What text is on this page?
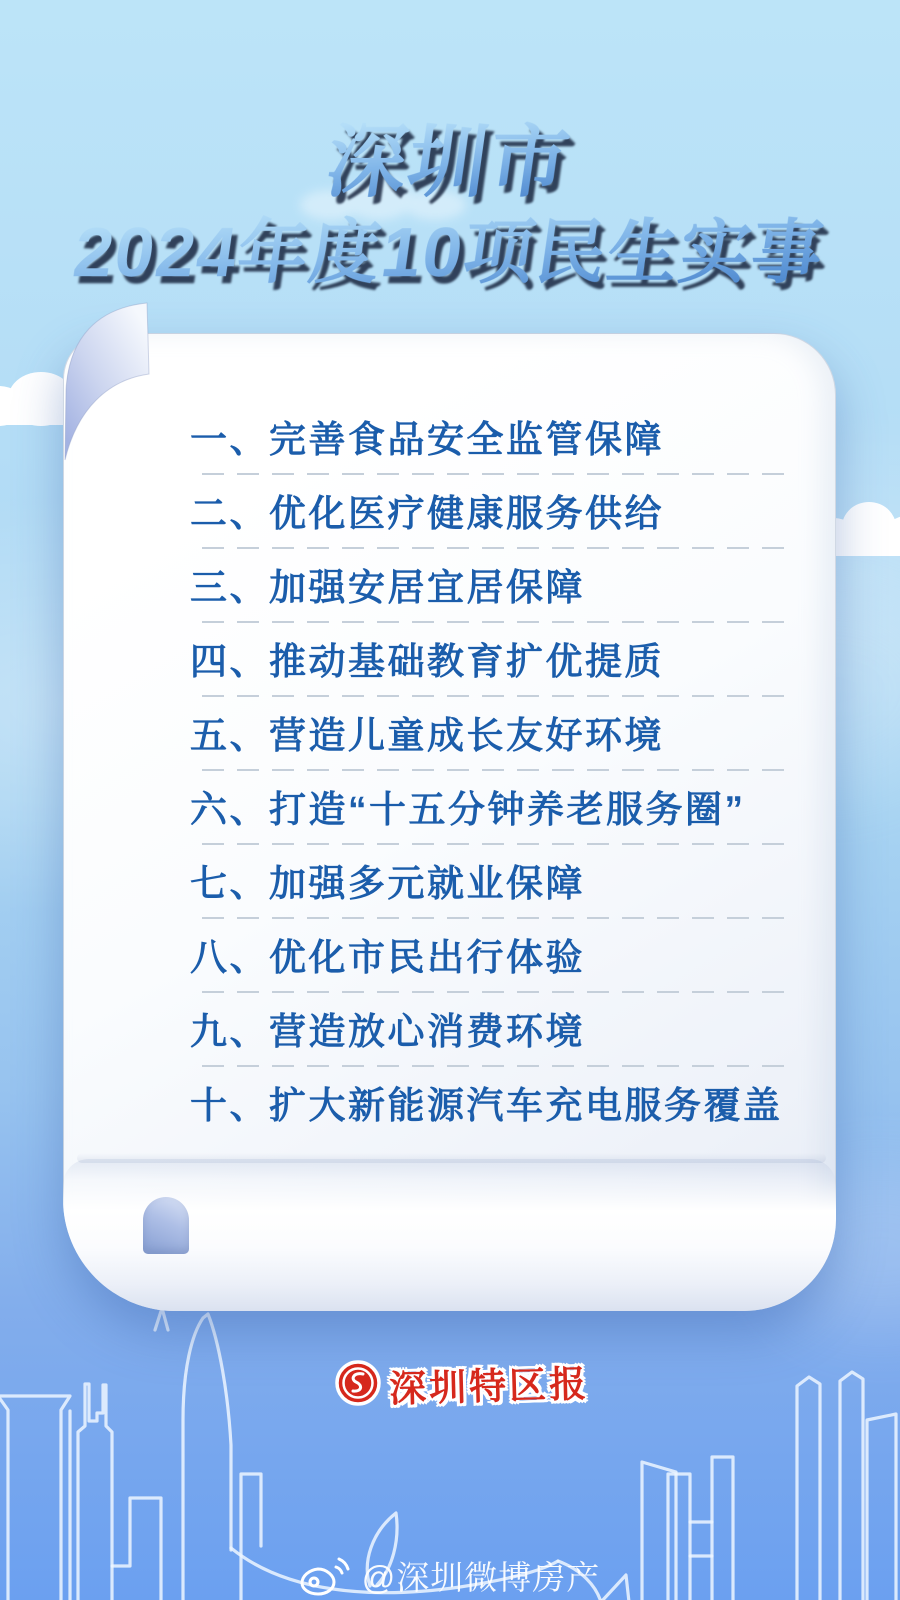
深圳市
2024年度10项民生实事
一、完善食品安全监管保障
二、优化医疗健康服务供给
三、加强安居宜居保障
四、推动基础教育扩优提质
五、营造儿童成长友好环境
六、打造“十五分钟养老服务圈”
七、加强多元就业保障
八、优化市民出行体验
九、营造放心消费环境
十、扩大新能源汽车充电服务覆盖
深圳特区报
@深圳微博房产
